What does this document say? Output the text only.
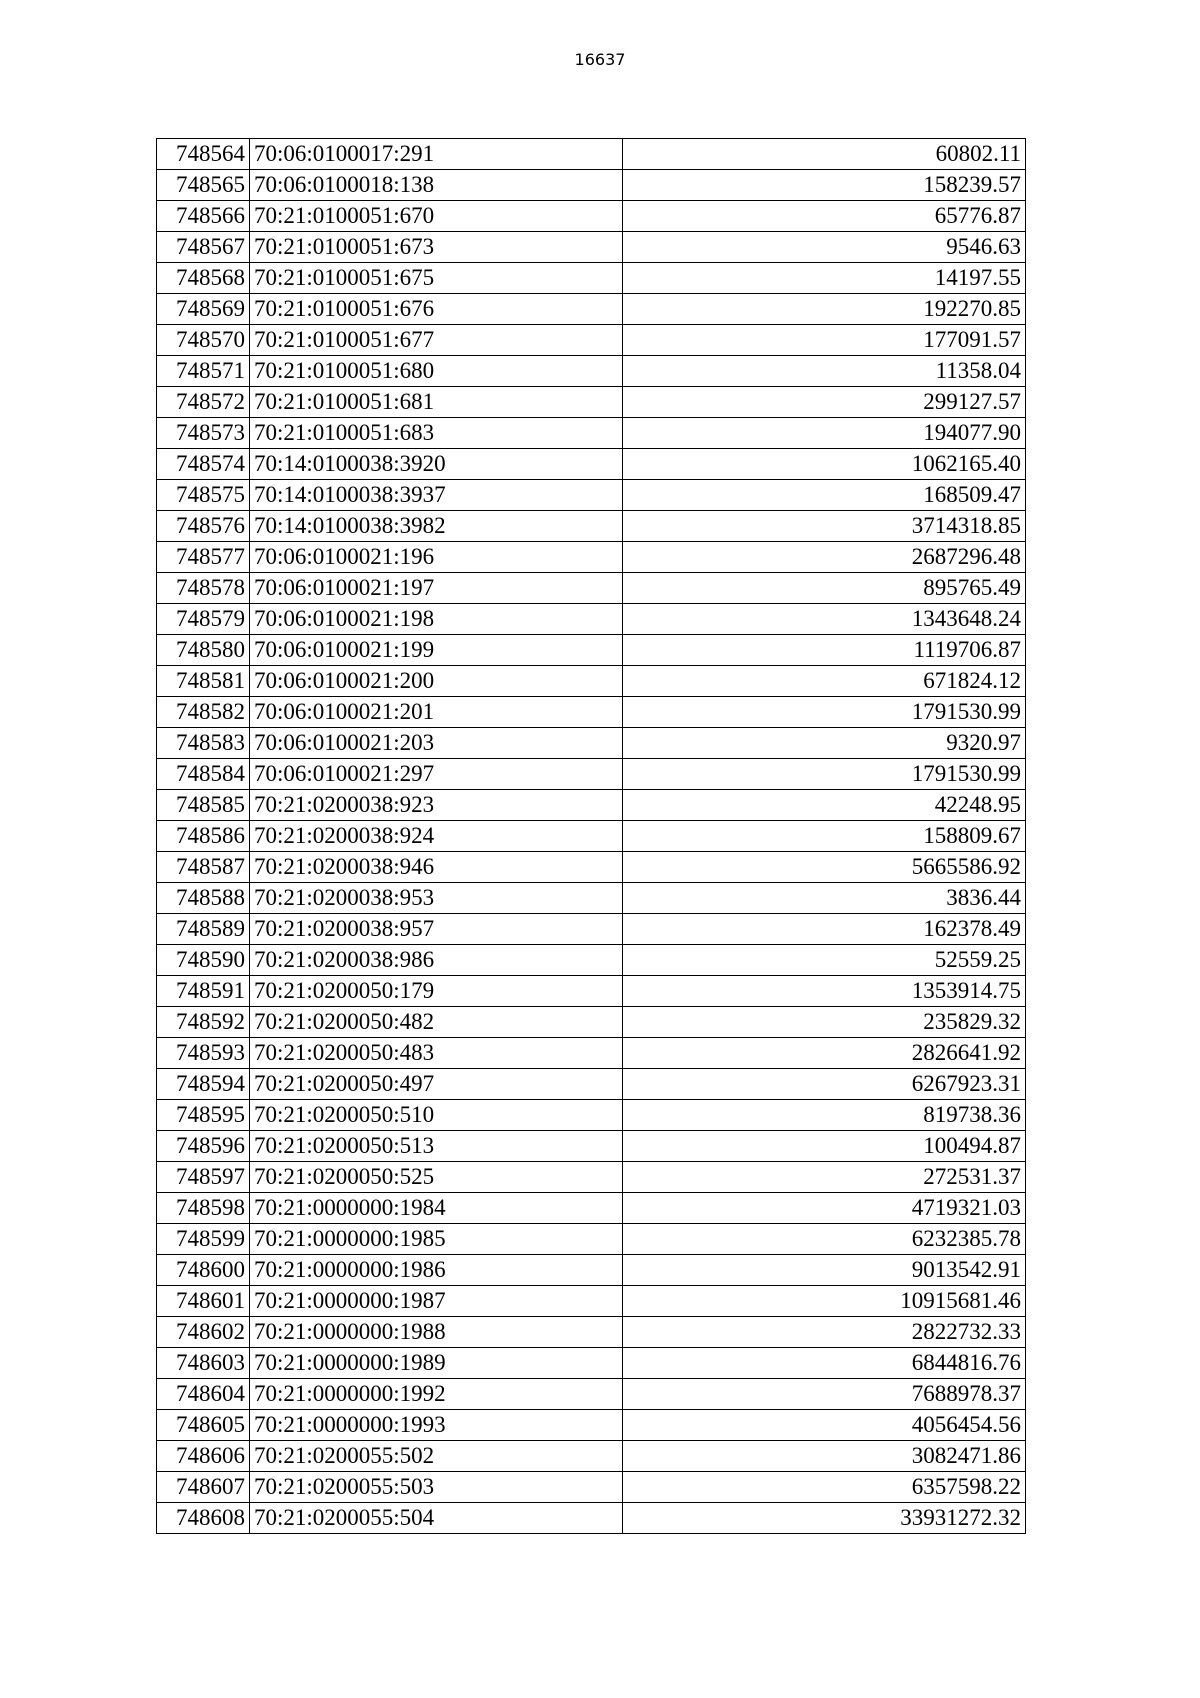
16637
748564	70:06:0100017:291	60802.11
748565	70:06:0100018:138	158239.57
748566	70:21:0100051:670	65776.87
748567	70:21:0100051:673	9546.63
748568	70:21:0100051:675	14197.55
748569	70:21:0100051:676	192270.85
748570	70:21:0100051:677	177091.57
748571	70:21:0100051:680	11358.04
748572	70:21:0100051:681	299127.57
748573	70:21:0100051:683	194077.90
748574	70:14:0100038:3920	1062165.40
748575	70:14:0100038:3937	168509.47
748576	70:14:0100038:3982	3714318.85
748577	70:06:0100021:196	2687296.48
748578	70:06:0100021:197	895765.49
748579	70:06:0100021:198	1343648.24
748580	70:06:0100021:199	1119706.87
748581	70:06:0100021:200	671824.12
748582	70:06:0100021:201	1791530.99
748583	70:06:0100021:203	9320.97
748584	70:06:0100021:297	1791530.99
748585	70:21:0200038:923	42248.95
748586	70:21:0200038:924	158809.67
748587	70:21:0200038:946	5665586.92
748588	70:21:0200038:953	3836.44
748589	70:21:0200038:957	162378.49
748590	70:21:0200038:986	52559.25
748591	70:21:0200050:179	1353914.75
748592	70:21:0200050:482	235829.32
748593	70:21:0200050:483	2826641.92
748594	70:21:0200050:497	6267923.31
748595	70:21:0200050:510	819738.36
748596	70:21:0200050:513	100494.87
748597	70:21:0200050:525	272531.37
748598	70:21:0000000:1984	4719321.03
748599	70:21:0000000:1985	6232385.78
748600	70:21:0000000:1986	9013542.91
748601	70:21:0000000:1987	10915681.46
748602	70:21:0000000:1988	2822732.33
748603	70:21:0000000:1989	6844816.76
748604	70:21:0000000:1992	7688978.37
748605	70:21:0000000:1993	4056454.56
748606	70:21:0200055:502	3082471.86
748607	70:21:0200055:503	6357598.22
748608	70:21:0200055:504	33931272.32
